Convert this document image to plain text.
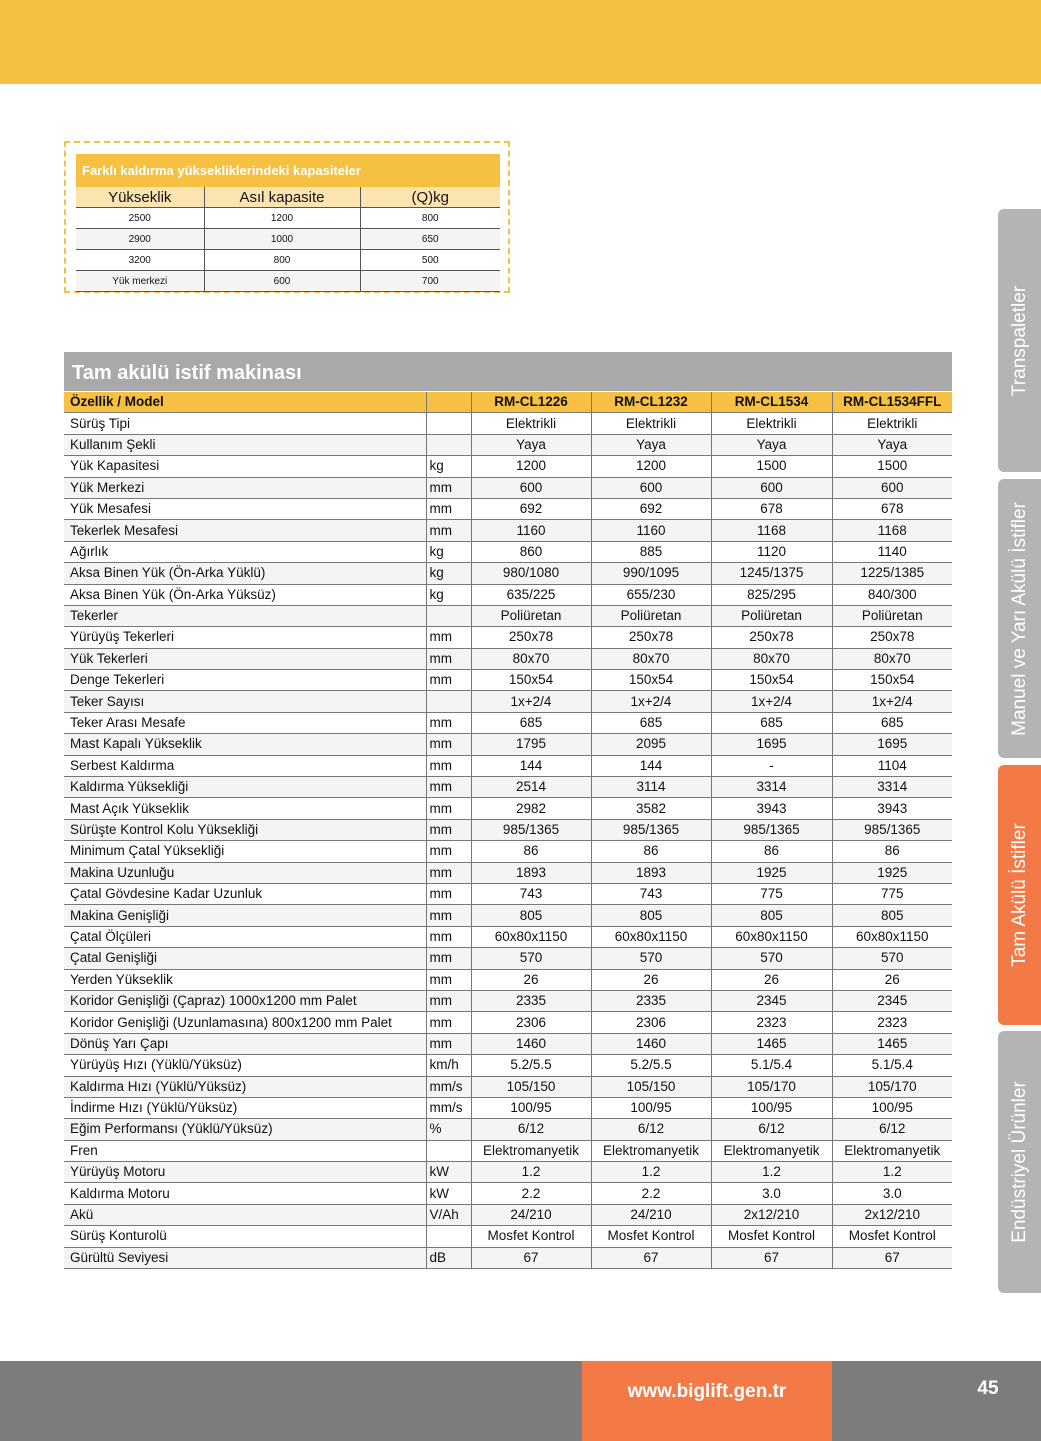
Farklı kaldırma yüksekliklerindeki kapasiteler
Yükseklik	Asıl kapasite	(Q)kg
2500	1200	800
2900	1000	650
3200	800	500
Yük merkezi	600	700
Tam akülü istif makinası
Özellik / Model		RM-CL1226	RM-CL1232	RM-CL1534	RM-CL1534FFL
Sürüş Tipi		Elektrikli	Elektrikli	Elektrikli	Elektrikli
Kullanım Şekli		Yaya	Yaya	Yaya	Yaya
Yük Kapasitesi	kg	1200	1200	1500	1500
Yük Merkezi	mm	600	600	600	600
Yük Mesafesi	mm	692	692	678	678
Tekerlek Mesafesi	mm	1160	1160	1168	1168
Ağırlık	kg	860	885	1120	1140
Aksa Binen Yük (Ön-Arka Yüklü)	kg	980/1080	990/1095	1245/1375	1225/1385
Aksa Binen Yük (Ön-Arka Yüksüz)	kg	635/225	655/230	825/295	840/300
Tekerler		Poliüretan	Poliüretan	Poliüretan	Poliüretan
Yürüyüş Tekerleri	mm	250x78	250x78	250x78	250x78
Yük Tekerleri	mm	80x70	80x70	80x70	80x70
Denge Tekerleri	mm	150x54	150x54	150x54	150x54
Teker Sayısı		1x+2/4	1x+2/4	1x+2/4	1x+2/4
Teker Arası Mesafe	mm	685	685	685	685
Mast Kapalı Yükseklik	mm	1795	2095	1695	1695
Serbest Kaldırma	mm	144	144	-	1104
Kaldırma Yüksekliği	mm	2514	3114	3314	3314
Mast Açık Yükseklik	mm	2982	3582	3943	3943
Sürüşte Kontrol Kolu Yüksekliği	mm	985/1365	985/1365	985/1365	985/1365
Minimum Çatal Yüksekliği	mm	86	86	86	86
Makina Uzunluğu	mm	1893	1893	1925	1925
Çatal Gövdesine Kadar Uzunluk	mm	743	743	775	775
Makina Genişliği	mm	805	805	805	805
Çatal Ölçüleri	mm	60x80x1150	60x80x1150	60x80x1150	60x80x1150
Çatal Genişliği	mm	570	570	570	570
Yerden Yükseklik	mm	26	26	26	26
Koridor Genişliği (Çapraz) 1000x1200 mm Palet	mm	2335	2335	2345	2345
Koridor Genişliği (Uzunlamasına) 800x1200 mm Palet	mm	2306	2306	2323	2323
Dönüş Yarı Çapı	mm	1460	1460	1465	1465
Yürüyüş Hızı (Yüklü/Yüksüz)	km/h	5.2/5.5	5.2/5.5	5.1/5.4	5.1/5.4
Kaldırma Hızı (Yüklü/Yüksüz)	mm/s	105/150	105/150	105/170	105/170
İndirme Hızı (Yüklü/Yüksüz)	mm/s	100/95	100/95	100/95	100/95
Eğim Performansı (Yüklü/Yüksüz)	%	6/12	6/12	6/12	6/12
Fren		Elektromanyetik	Elektromanyetik	Elektromanyetik	Elektromanyetik
Yürüyüş Motoru	kW	1.2	1.2	1.2	1.2
Kaldırma Motoru	kW	2.2	2.2	3.0	3.0
Akü	V/Ah	24/210	24/210	2x12/210	2x12/210
Sürüş Konturolü		Mosfet Kontrol	Mosfet Kontrol	Mosfet Kontrol	Mosfet Kontrol
Gürültü Seviyesi	dB	67	67	67	67
Transpaletler
Manuel ve Yarı Akülü İstifler
Tam Akülü İstifler
Endüstriyel Ürünler
www.biglift.gen.tr	45
